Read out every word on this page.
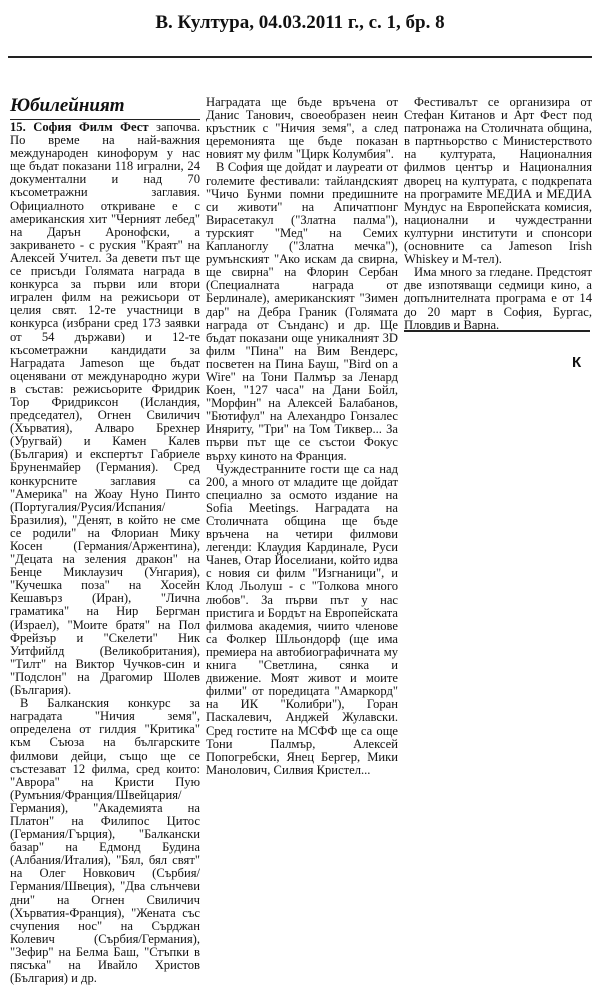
В. Култура, 04.03.2011 г., с. 1, бр. 8
Юбилейният

15. София Филм Фест започва. По време на най-важния международен кинофорум у нас ще бъдат показани 118 игрални, 24 документални и над 70 късометражни заглавия. Официалното откриване е с американския хит "Черният лебед" на Дарън Аронофски, а закриването - с руския "Краят" на Алексей Учител. За девети път ще се присъди Голямата награда в конкурса за първи или втори игрален филм на режисьори от целия свят. 12-те участници в конкурса (избрани сред 173 заявки от 54 държави) и 12-те късометражни кандидати за Наградата Jameson ще бъдат оценявани от международно жури в състав: режисьорите Фридрик Тор Фридриксон (Исландия, председател), Огнен Свиличич (Хърватия), Алваро Брехнер (Уругвай) и Камен Калев (България) и експертът Габриеле Бруненмайер (Германия). Сред конкурсните заглавия са "Америка" на Жоау Нуно Пинто (Португалия/Русия/Испания/Бразилия), "Денят, в който не сме се родили" на Флориан Мику Косен (Германия/Аржентина), "Децата на зеления дракон" на Бенце Миклаузич (Унгария), "Кучешка поза" на Хосейн Кешавърз (Иран), "Лична граматика" на Нир Бергман (Израел), "Моите братя" на Пол Фрейзър и "Скелети" Ник Уитфийлд (Великобритания), "Тилт" на Виктор Чучков-син и "Подслон" на Драгомир Шолев (България).

В Балканския конкурс за наградата "Ничия земя", определена от гилдия "Критика" към Съюза на българските филмови дейци, също ще се състезават 12 филма, сред които: "Аврора" на Кристи Пую (Румъния/Франция/Швейцария/Германия), "Академията на Платон" на Филипос Цитос (Германия/Гърция), "Балкански базар" на Едмонд Будина (Албания/Италия), "Бял, бял свят" на Олег Новкович (Сърбия/Германия/Швеция), "Два слънчеви дни" на Огнен Свиличич (Хърватия-Франция), "Жената със счупения нос" на Сърджан Колевич (Сърбия/Германия), "Зефир" на Белма Баш, "Стъпки в пясъка" на Ивайло Христов (България) и др.

Наградата ще бъде връчена от Данис Танович, своеобразен неин кръстник с "Ничия земя", а след церемонията ще бъде показан новият му филм "Цирк Колумбия".

В София ще дойдат и лауреати от големите фестивали: тайландският "Чичо Бунми помни предишните си животи" на Апичатпонг Вирасетакул ("Златна палма"), турският "Мед" на Семих Капланоглу ("Златна мечка"), румънският "Ако искам да свирна, ще свирна" на Флорин Сербан (Специалната награда от Берлинале), американският "Зимен дар" на Дебра Граник (Голямата награда от Сънданс) и др. Ще бъдат показани още уникалният 3D филм "Пина" на Вим Вендерс, посветен на Пина Бауш, "Bird on a Wire" на Тони Палмър за Ленард Коен, "127 часа" на Дани Бойл, "Морфин" на Алексей Балабанов, "Бютифул" на Алехандро Гонзалес Иняриту, "Три" на Том Тиквер... За първи път ще се състои Фокус върху киното на Франция.

Чуждестранните гости ще са над 200, а много от младите ще дойдат специално за осмото издание на Sofia Meetings. Наградата на Столичната община ще бъде връчена на четири филмови легенди: Клаудия Кардинале, Руси Чанев, Отар Йоселиани, който идва с новия си филм "Изгнаници", и Клод Льолуш - с "Толкова много любов". За първи път у нас пристига и Бордът на Европейската филмова академия, чиито членове са Фолкер Шльондорф (ще има премиера на автобиографичната му книга "Светлина, сянка и движение. Моят живот и моите филми" от поредицата "Амаркорд" на ИК "Колибри"), Горан Паскалевич, Анджей Жулавски. Сред гостите на МСФФ ще са още Тони Палмър, Алексей Попогребски, Янец Бергер, Мики Манолович, Силвия Кристел...

Фестивалът се организира от Стефан Китанов и Арт Фест под патронажа на Столичната община, в партньорство с Министерството на културата, Националния филмов център и Националния дворец на културата, с подкрепата на програмите МЕДИА и МЕДИА Мундус на Европейската комисия, национални и чуждестранни културни институти и спонсори (основните са Jameson Irish Whiskey и М-тел).

Има много за гледане. Предстоят две изпотяващи седмици кино, а допълнителната програма е от 14 до 20 март в София, Бургас, Пловдив и Варна.

К
